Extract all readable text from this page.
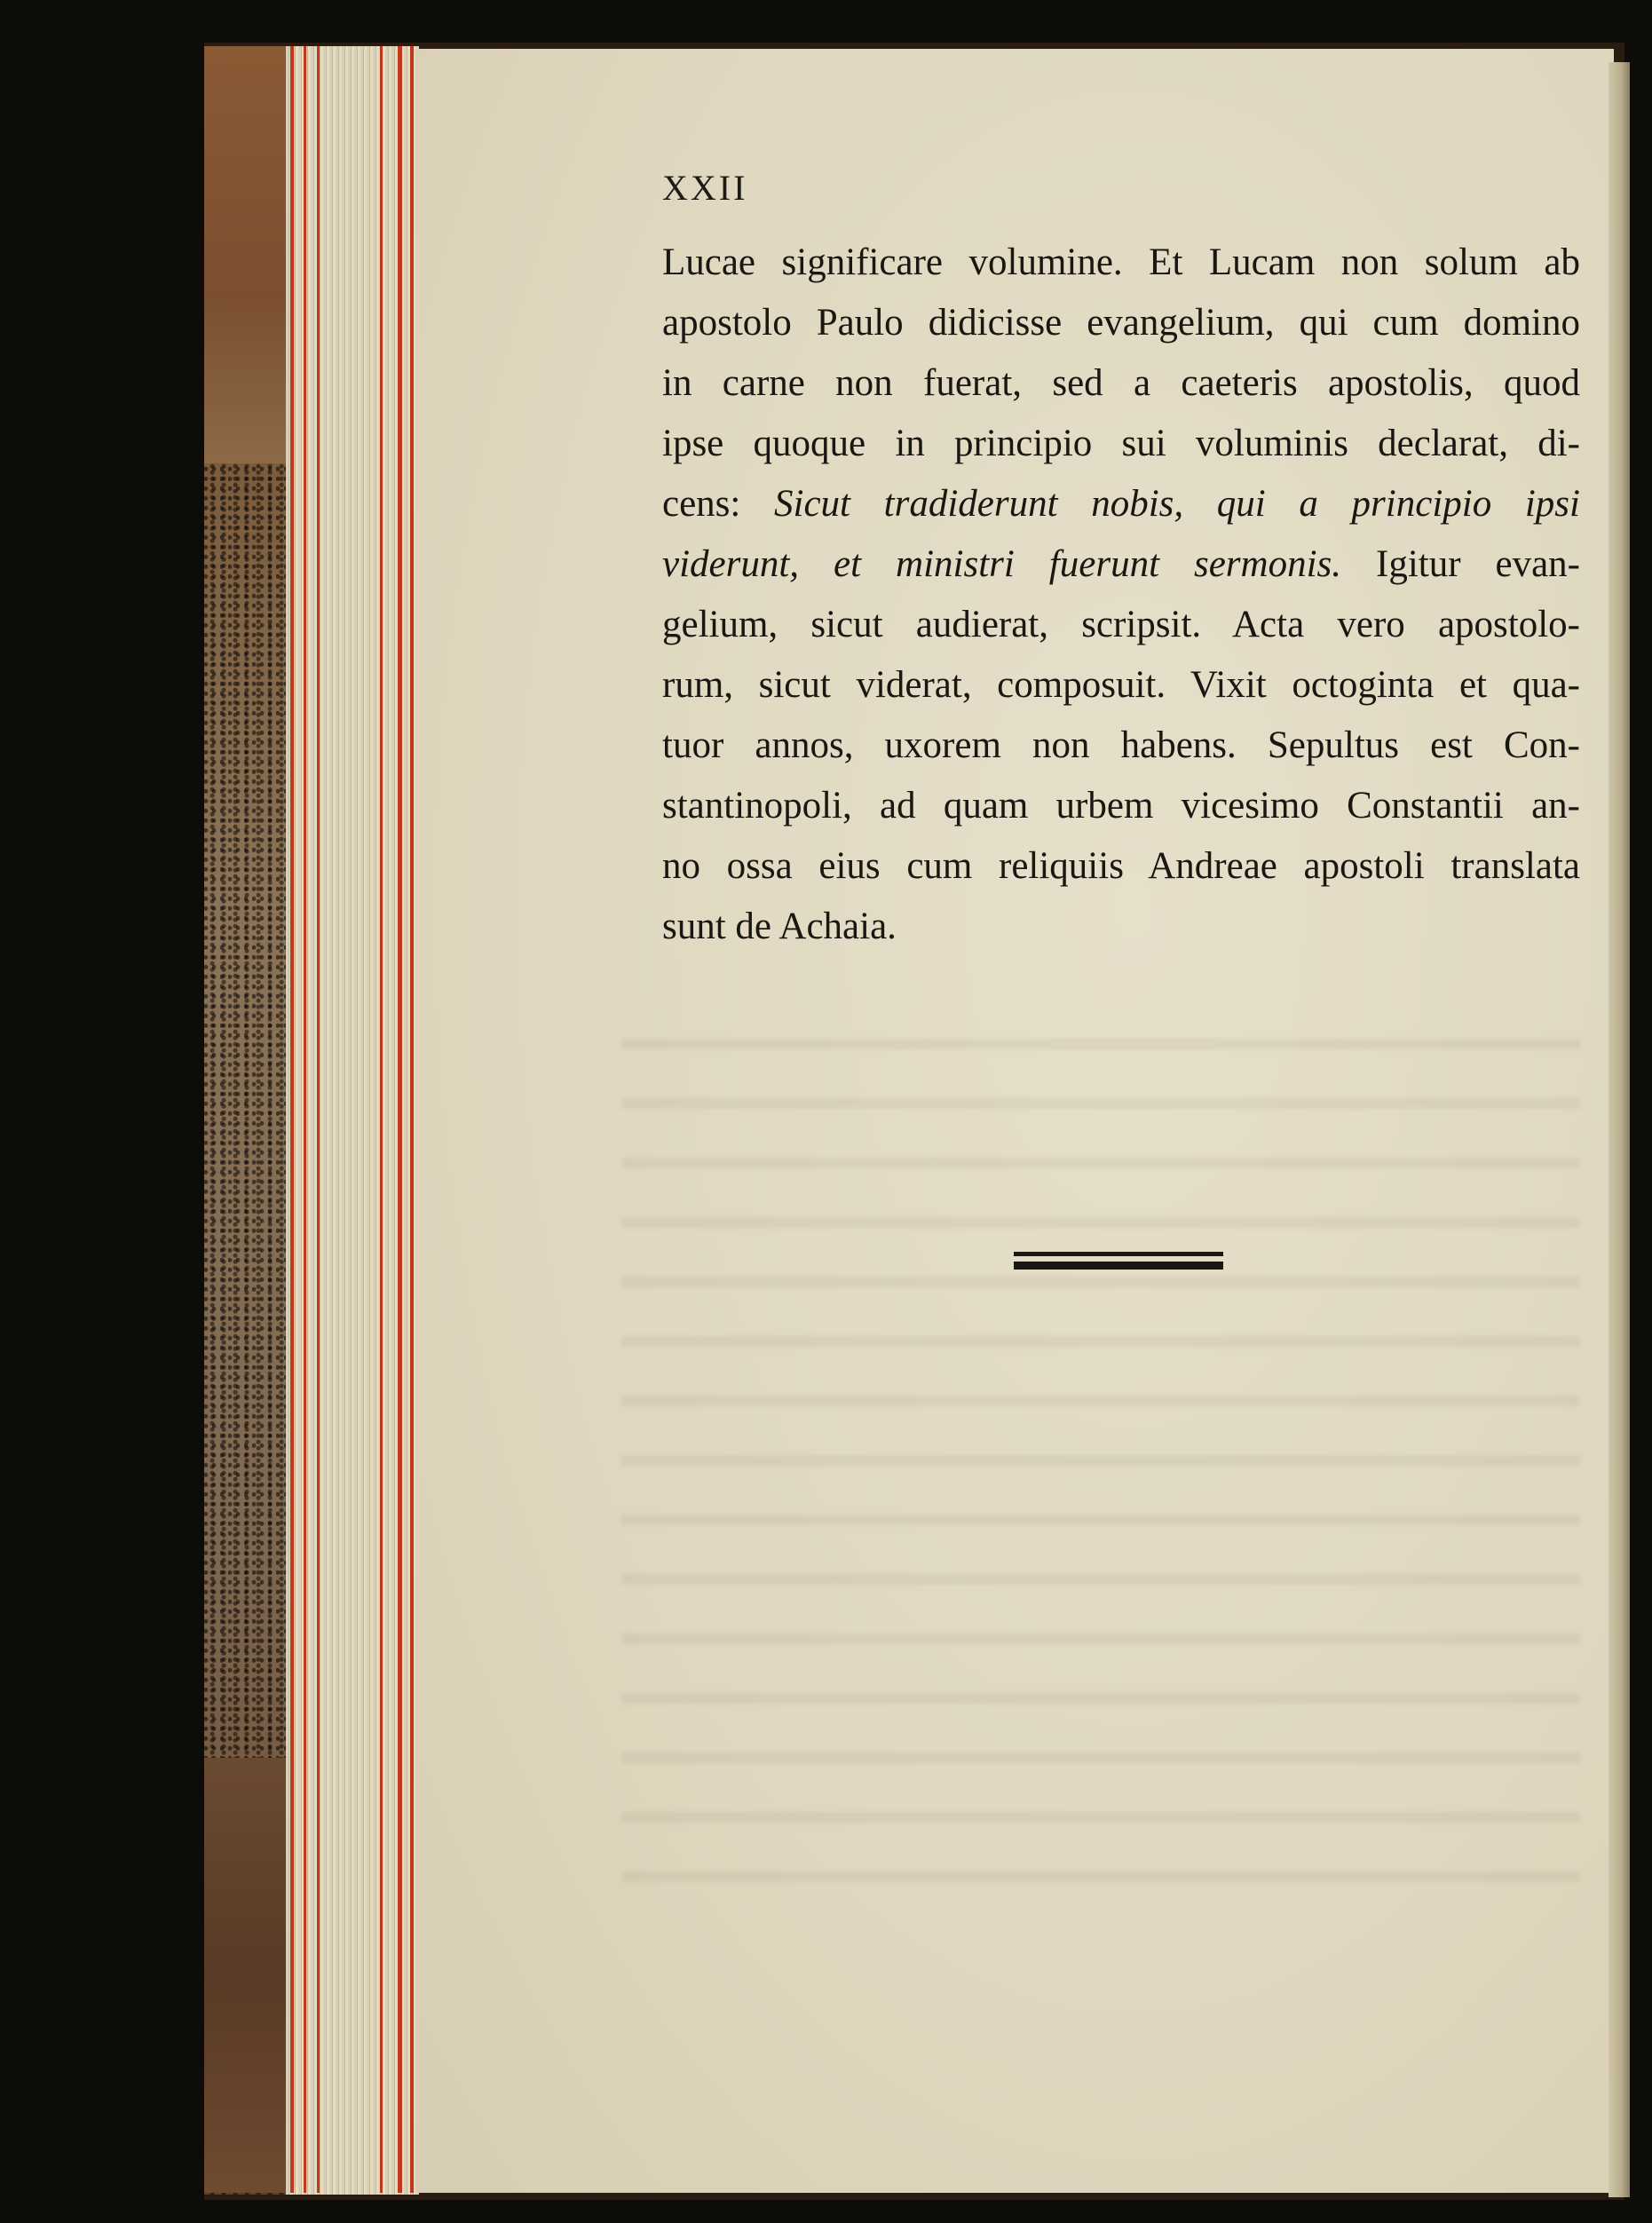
XXII
Lucae significare volumine. Et Lucam non solum ab
apostolo Paulo didicisse evangelium, qui cum domino
in carne non fuerat, sed a caeteris apostolis, quod
ipse quoque in principio sui voluminis declarat, di-
cens: Sicut tradiderunt nobis, qui a principio ipsi
viderunt, et ministri fuerunt sermonis. Igitur evan-
gelium, sicut audierat, scripsit. Acta vero apostolo-
rum, sicut viderat, composuit. Vixit octoginta et qua-
tuor annos, uxorem non habens. Sepultus est Con-
stantinopoli, ad quam urbem vicesimo Constantii an-
no ossa eius cum reliquiis Andreae apostoli translata
sunt de Achaia.
